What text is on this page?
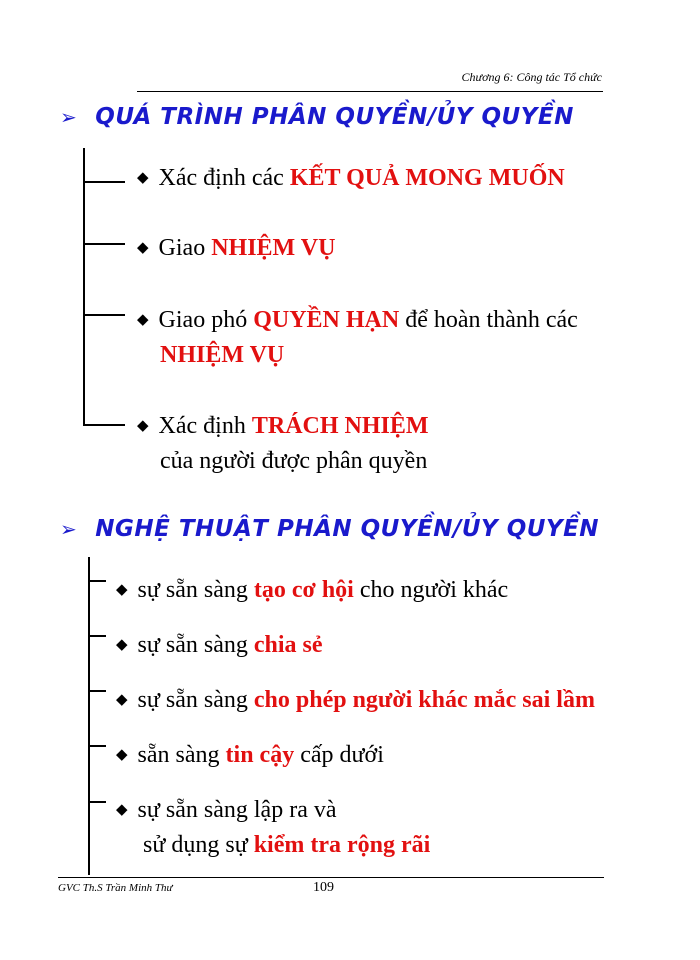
Chương 6: Công tác Tổ chức
➢ QUÁ TRÌNH PHÂN QUYỀN/ỦY QUYỀN
◆ Xác định các KẾT QUẢ MONG MUỐN
◆ Giao NHIỆM VỤ
◆ Giao phó QUYỀN HẠN để hoàn thành các
NHIỆM VỤ
◆ Xác định TRÁCH NHIỆM
của người được phân quyền
➢ NGHỆ THUẬT PHÂN QUYỀN/ỦY QUYỀN
◆ sự sẵn sàng tạo cơ hội cho người khác
◆ sự sẵn sàng chia sẻ
◆ sự sẵn sàng cho phép người khác mắc sai lầm
◆ sẵn sàng tin cậy cấp dưới
◆ sự sẵn sàng lập ra và
sử dụng sự kiểm tra rộng rãi
GVC Th.S Trần Minh Thư	109
